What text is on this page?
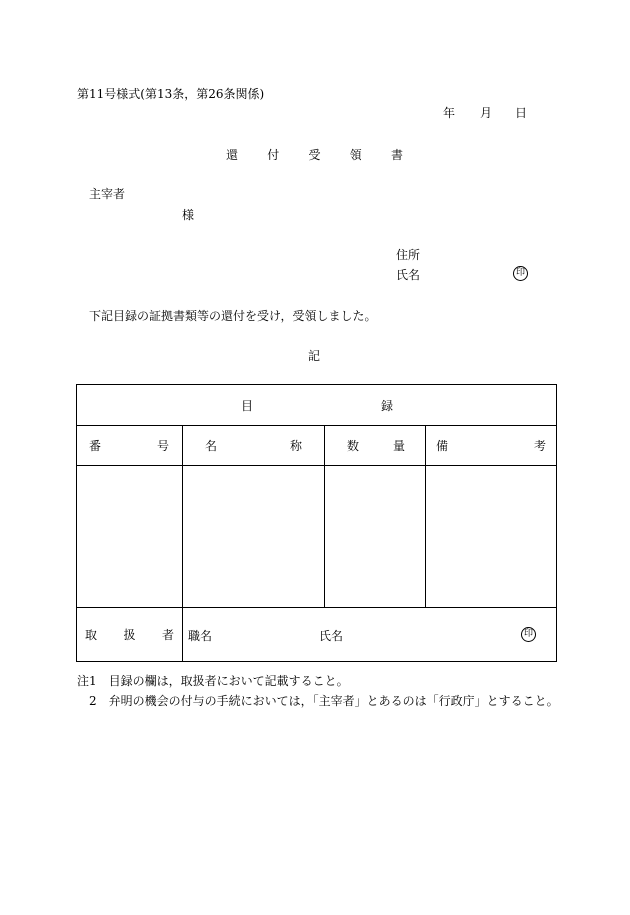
第11号様式(第13条，第26条関係)
年 月 日
還 付 受 領 書
主宰者
様
住所
氏名	印
下記目録の証拠書類等の還付を受け，受領しました。
記
目 録			

番 号	名 称	数 量	備 考

取 扱 者	職名 氏名 印		
注1　目録の欄は，取扱者において記載すること。
　2　弁明の機会の付与の手続においては，「主宰者」とあるのは「行政庁」とすること。
